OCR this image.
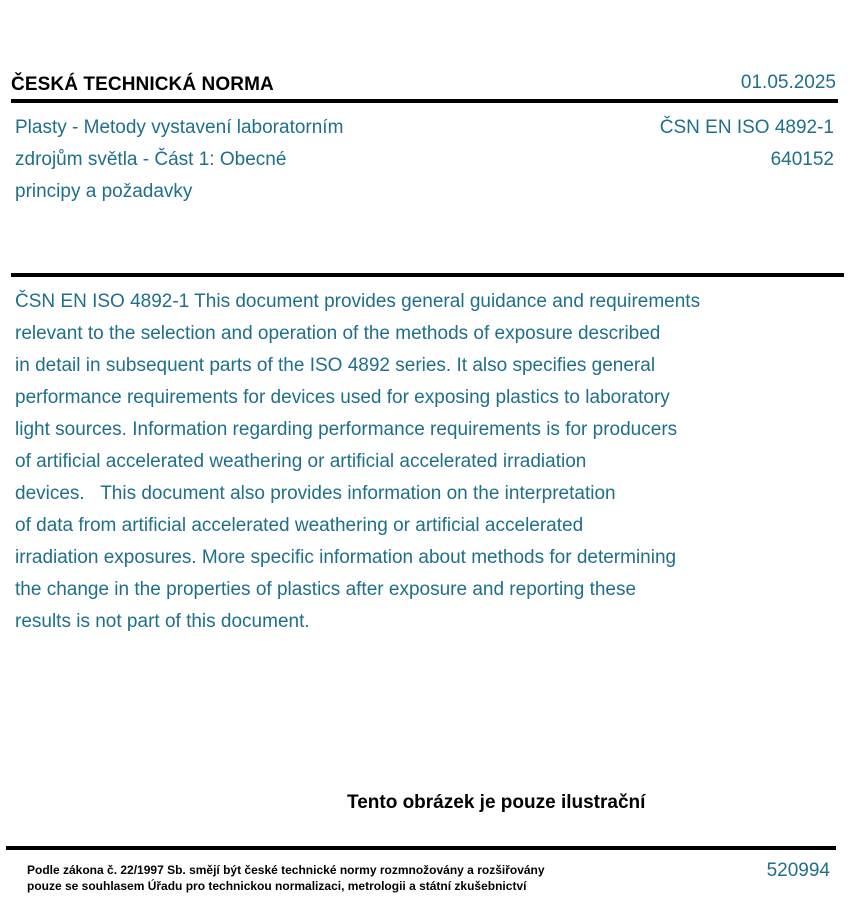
ČESKÁ TECHNICKÁ NORMA	01.05.2025
Plasty - Metody vystavení laboratorním
zdrojům světla - Část 1: Obecné
principy a požadavky
ČSN EN ISO 4892-1
640152
ČSN EN ISO 4892-1 This document provides general guidance and requirements
relevant to the selection and operation of the methods of exposure described
in detail in subsequent parts of the ISO 4892 series. It also specifies general
performance requirements for devices used for exposing plastics to laboratory
light sources. Information regarding performance requirements is for producers
of artificial accelerated weathering or artificial accelerated irradiation
devices.   This document also provides information on the interpretation
of data from artificial accelerated weathering or artificial accelerated
irradiation exposures. More specific information about methods for determining
the change in the properties of plastics after exposure and reporting these
results is not part of this document.
Tento obrázek je pouze ilustrační
Podle zákona č. 22/1997 Sb. smějí být české technické normy rozmnožovány a rozšiřovány
pouze se souhlasem Úřadu pro technickou normalizaci, metrologii a státní zkušebnictví
520994
